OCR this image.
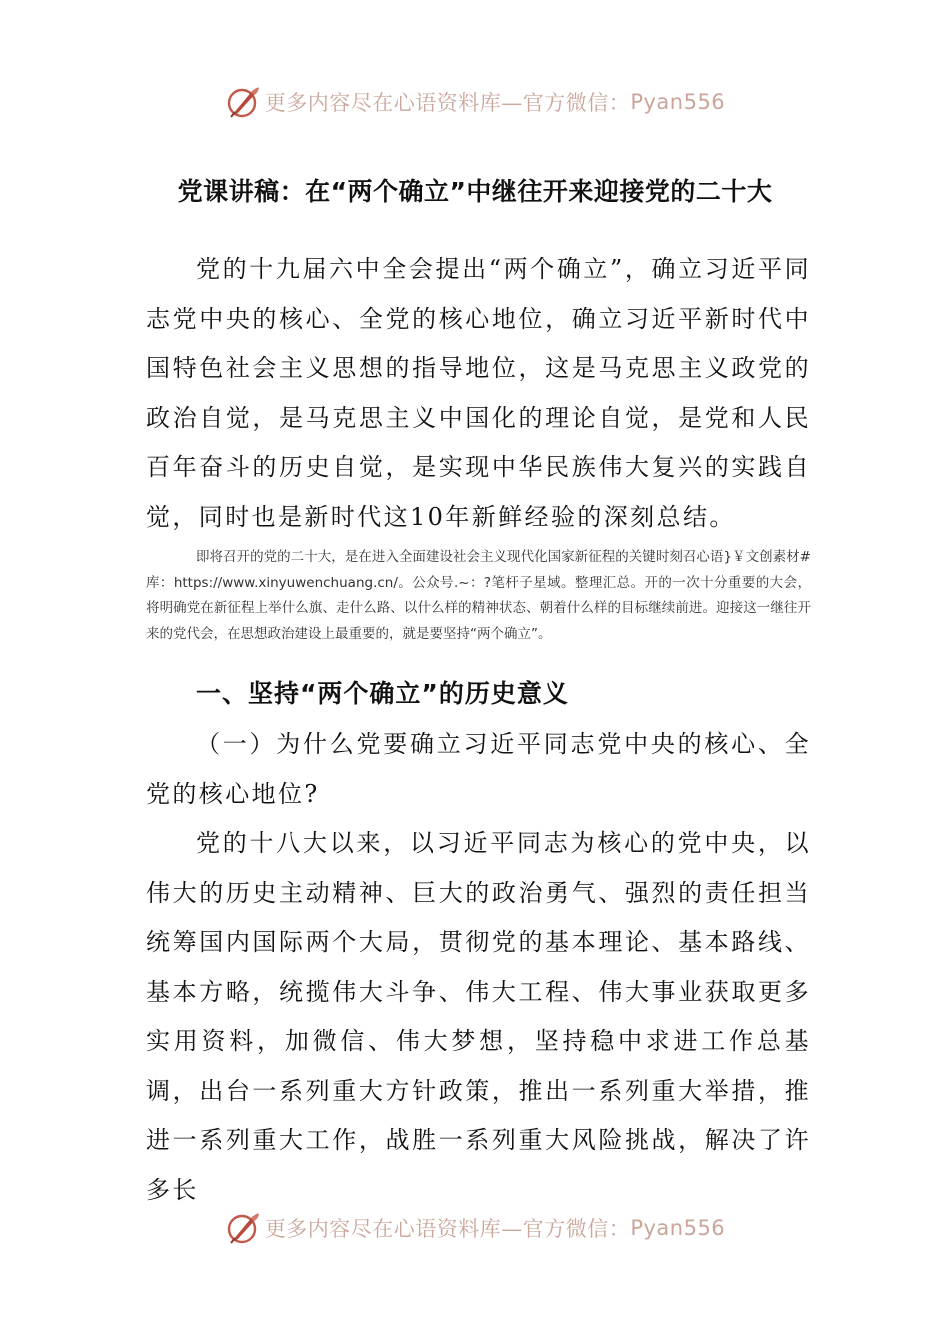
更多内容尽在心语资料库—官方微信： Pyan556
党课讲稿：在“两个确立”中继往开来迎接党的二十大

党的十九届六中全会提出“两个确立”，确立习近平同志党中央的核心、全党的核心地位，确立习近平新时代中国特色社会主义思想的指导地位，这是马克思主义政党的政治自觉，是马克思主义中国化的理论自觉，是党和人民百年奋斗的历史自觉，是实现中华民族伟大复兴的实践自觉，同时也是新时代这10年新鲜经验的深刻总结。

即将召开的党的二十大，是在进入全面建设社会主义现代化国家新征程的关键时刻召心语}￥文创素材#库：https://www.xinyuwenchuang.cn/。公众号.~：?笔杆子星域。整理汇总。开的一次十分重要的大会，将明确党在新征程上举什么旗、走什么路、以什么样的精神状态、朝着什么样的目标继续前进。迎接这一继往开来的党代会，在思想政治建设上最重要的，就是要坚持“两个确立”。

一、坚持“两个确立”的历史意义

（一）为什么党要确立习近平同志党中央的核心、全党的核心地位?

党的十八大以来，以习近平同志为核心的党中央，以伟大的历史主动精神、巨大的政治勇气、强烈的责任担当统筹国内国际两个大局，贯彻党的基本理论、基本路线、基本方略，统揽伟大斗争、伟大工程、伟大事业获取更多实用资料，加微信、伟大梦想，坚持稳中求进工作总基调，出台一系列重大方针政策，推出一系列重大举措，推进一系列重大工作，战胜一系列重大风险挑战，解决了许多长

更多内容尽在心语资料库—官方微信： Pyan556
